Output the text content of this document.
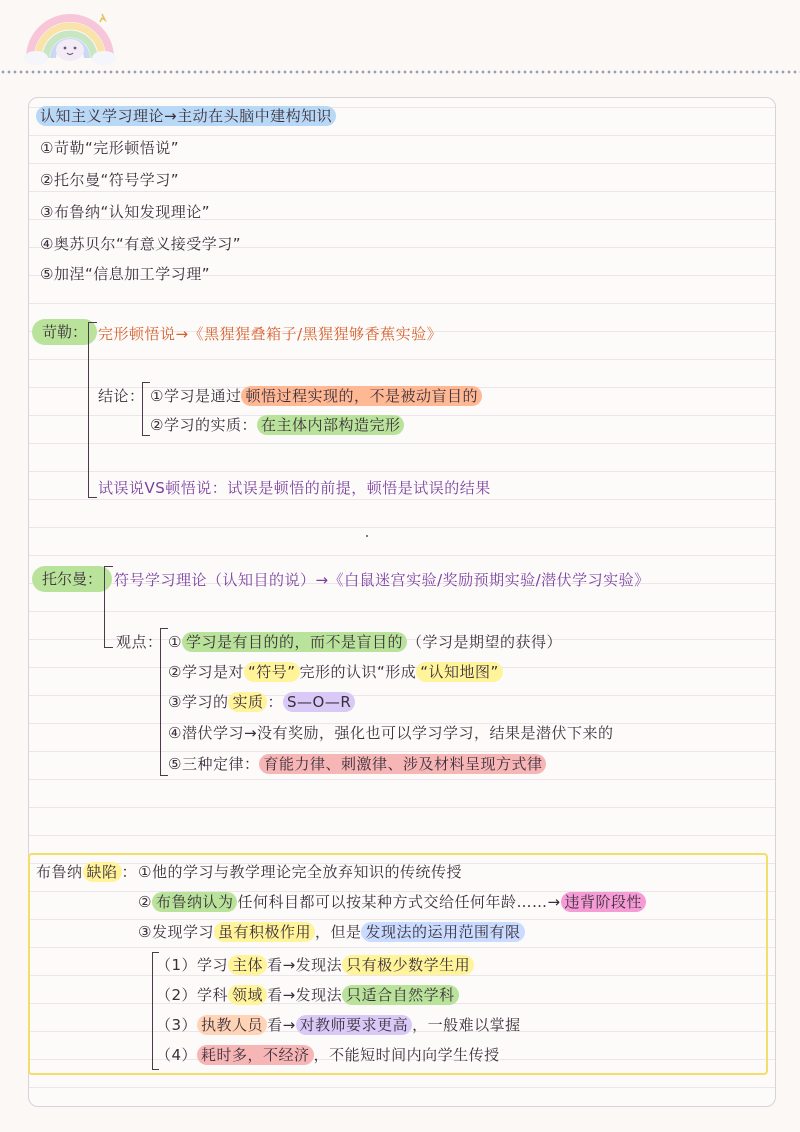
认知主义学习理论→主动在头脑中建构知识
①苛勒“完形顿悟说”
②托尔曼“符号学习”
③布鲁纳“认知发现理论”
④奥苏贝尔“有意义接受学习”
⑤加涅“信息加工学习理”
苛勒： 完形顿悟说→《黑猩猩叠箱子/黑猩猩够香蕉实验》
结论： ①学习是通过 顿悟过程实现的，不是被动盲目的
②学习的实质： 在主体内部构造完形
试误说VS顿悟说：试误是顿悟的前提，顿悟是试误的结果
托尔曼： 符号学习理论（认知目的说）→《白鼠迷宫实验/奖励预期实验/潜伏学习实验》
观点： ① 学习是有目的的，而不是盲目的 （学习是期望的获得）
②学习是对 “符号” 完形的认识“形成 “认知地图”
③学习的 实质 ： S—O—R
④潜伏学习→没有奖励，强化也可以学习学习，结果是潜伏下来的
⑤三种定律： 育能力律、刺激律、涉及材料呈现方式律
布鲁纳 缺陷 ： ①他的学习与教学理论完全放弃知识的传统传授
② 布鲁纳认为 任何科目都可以按某种方式交给任何年龄……→ 违背阶段性
③发现学习 虽有积极作用 ，但是 发现法的运用范围有限
（1）学习 主体 看→发现法 只有极少数学生用
（2）学科 领域 看→发现法 只适合自然学科
（3） 执教人员 看→ 对教师要求更高 ，一般难以掌握
（4） 耗时多，不经济 ，不能短时间内向学生传授
